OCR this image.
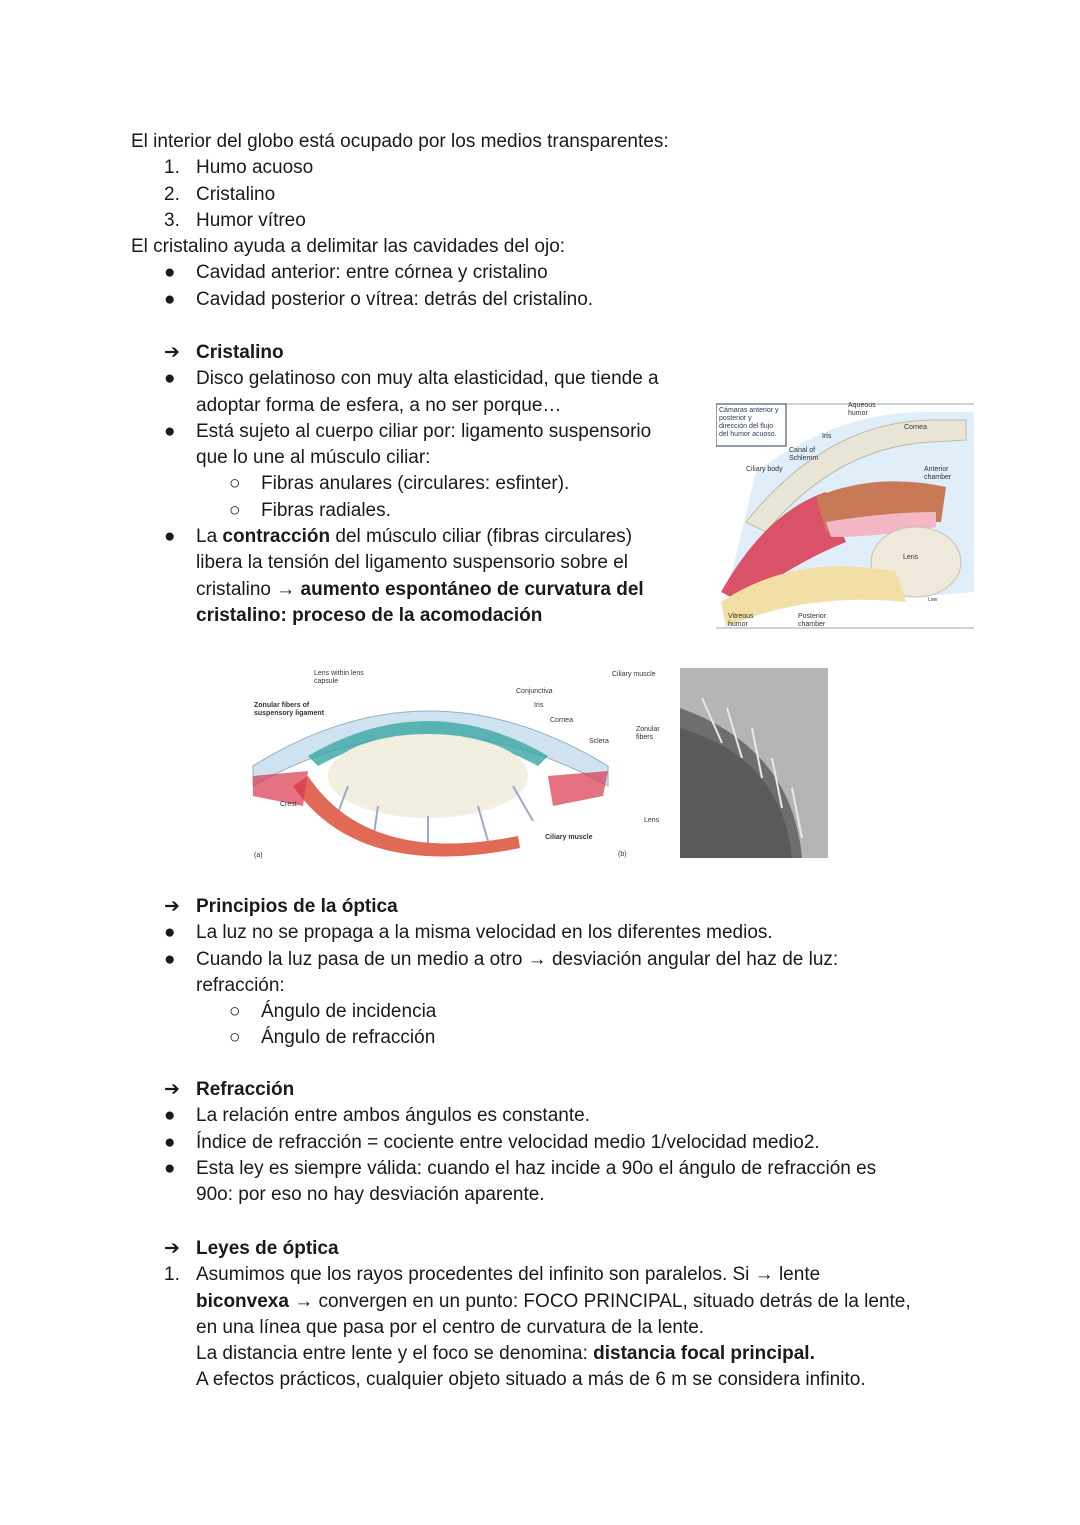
El interior del globo está ocupado por los medios transparentes:
1. Humo acuoso
2. Cristalino
3. Humor vítreo
El cristalino ayuda a delimitar las cavidades del ojo:
● Cavidad anterior: entre córnea y cristalino
● Cavidad posterior o vítrea: detrás del cristalino.
➔ Cristalino
● Disco gelatinoso con muy alta elasticidad, que tiende a
adoptar forma de esfera, a no ser porque…
● Está sujeto al cuerpo ciliar por: ligamento suspensorio
que lo une al músculo ciliar:
○ Fibras anulares (circulares: esfinter).
○ Fibras radiales.
● La contracción del músculo ciliar (fibras circulares)
libera la tensión del ligamento suspensorio sobre el
cristalino → aumento espontáneo de curvatura del
cristalino: proceso de la acomodación
Cámaras anterior y
posterior y
dirección del flujo
del humor acuoso.
Aqueous humor
Cornea
Iris
Canal of Schlemm
Ciliary body	Anterior chamber
Lens
Low
Vitreous humor
Posterior chamber
Lens within lens capsule
Zonular fibers of suspensory ligament
Conjunctiva
Iris
Cornea
Sclera
Crest
Ciliary muscle
(a)
Ciliary muscle
Zonular fibers
Lens
(b)
➔ Principios de la óptica
● La luz no se propaga a la misma velocidad en los diferentes medios.
● Cuando la luz pasa de un medio a otro → desviación angular del haz de luz:
refracción:
○ Ángulo de incidencia
○ Ángulo de refracción
➔ Refracción
● La relación entre ambos ángulos es constante.
● Índice de refracción = cociente entre velocidad medio 1/velocidad medio2.
● Esta ley es siempre válida: cuando el haz incide a 90o el ángulo de refracción es
90o: por eso no hay desviación aparente.
➔ Leyes de óptica
1. Asumimos que los rayos procedentes del infinito son paralelos. Si → lente
biconvexa → convergen en un punto: FOCO PRINCIPAL, situado detrás de la lente,
en una línea que pasa por el centro de curvatura de la lente.
La distancia entre lente y el foco se denomina: distancia focal principal.
A efectos prácticos, cualquier objeto situado a más de 6 m se considera infinito.
